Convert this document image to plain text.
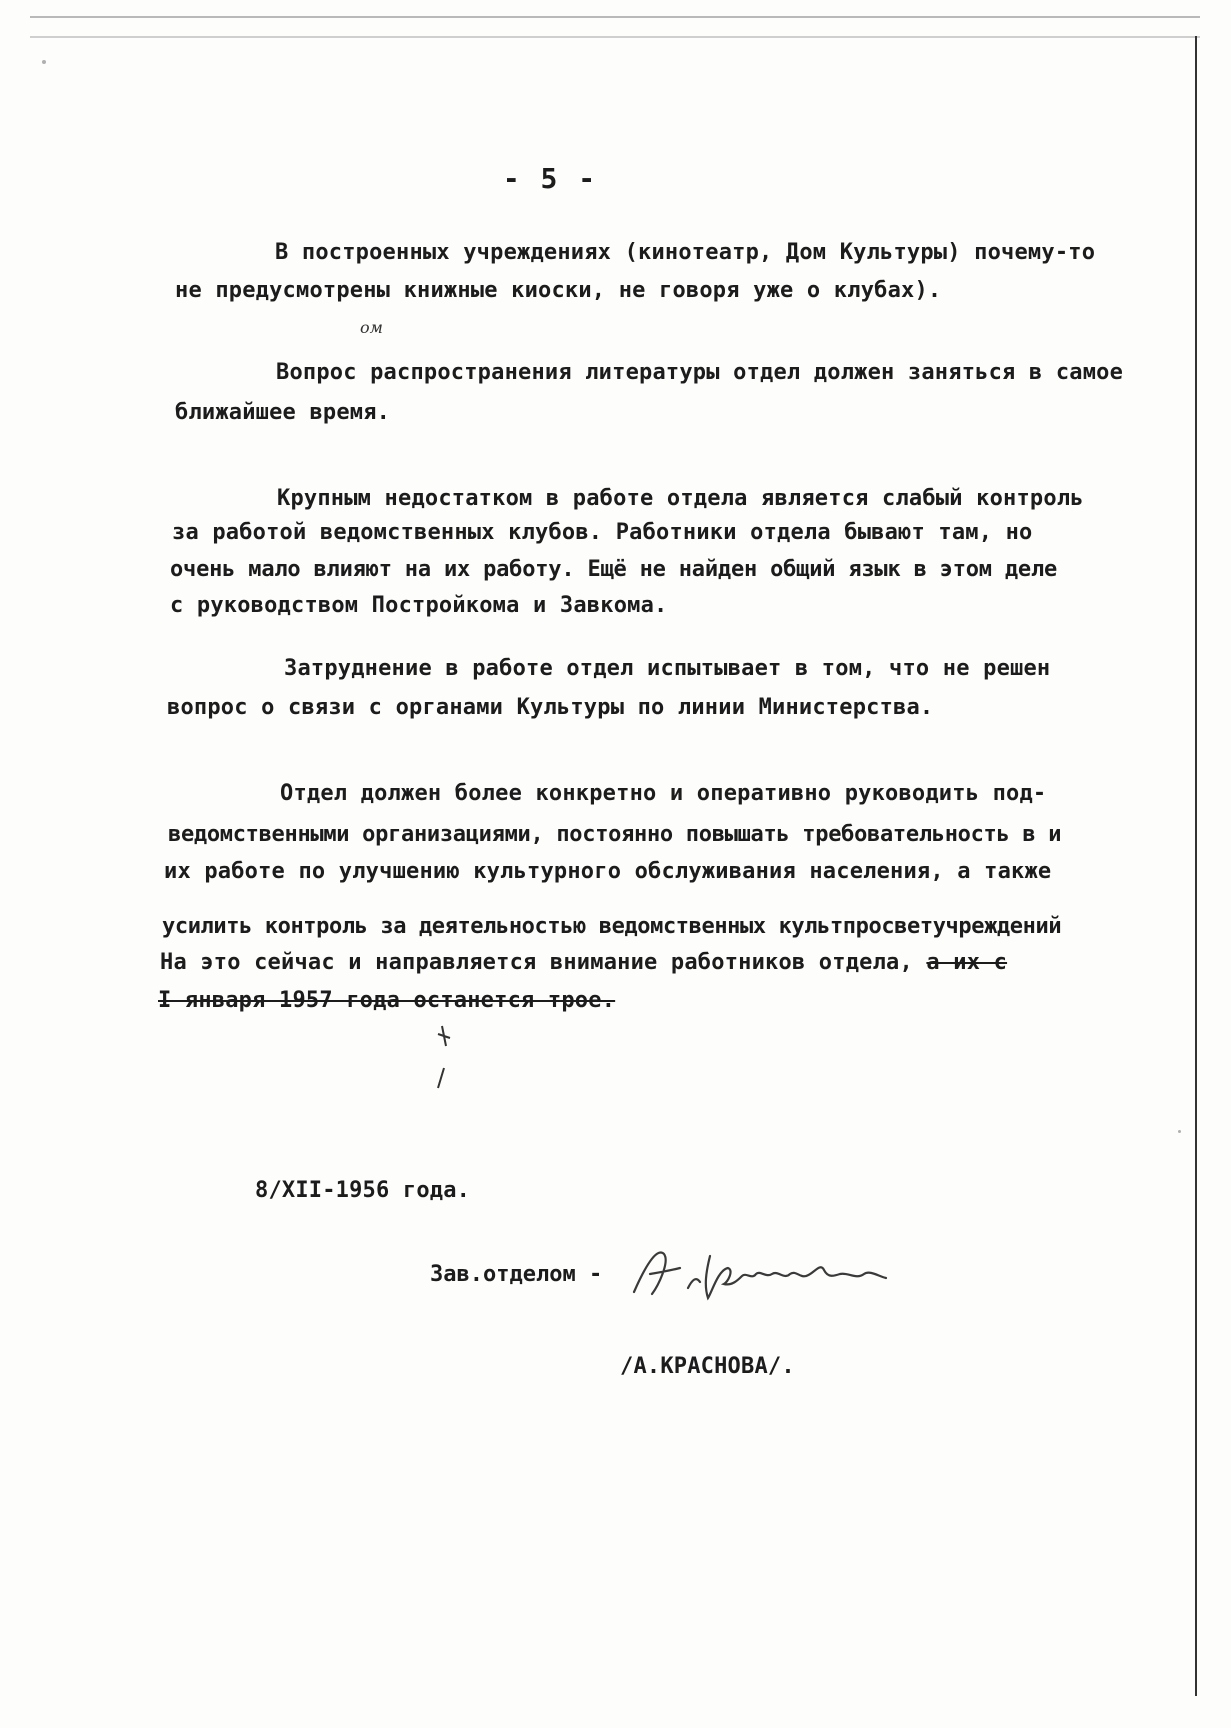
- 5 -
В построенных учреждениях (кинотеатр, Дом Культуры) почему-то
не предусмотрены книжные киоски, не говоря уже о клубах).
ом
Вопрос распространения литературы отдел должен заняться в самое
ближайшее время.
Крупным недостатком в работе отдела является слабый контроль
за работой ведомственных клубов. Работники отдела бывают там, но
очень мало влияют на их работу. Ещё не найден общий язык в этом деле
с руководством Постройкома и Завкома.
Затруднение в работе отдел испытывает в том, что не решен
вопрос о связи с органами Культуры по линии Министерства.
Отдел должен более конкретно и оперативно руководить под-
ведомственными организациями, постоянно повышать требовательность в и
их работе по улучшению культурного обслуживания населения, а также
усилить контроль за деятельностью ведомственных культпросветучреждений
На это сейчас и направляется внимание работников отдела, а их с
I января 1957 года останется трое.
8/XII-1956 года.
Зав.отделом -
/А.КРАСНОВА/.
